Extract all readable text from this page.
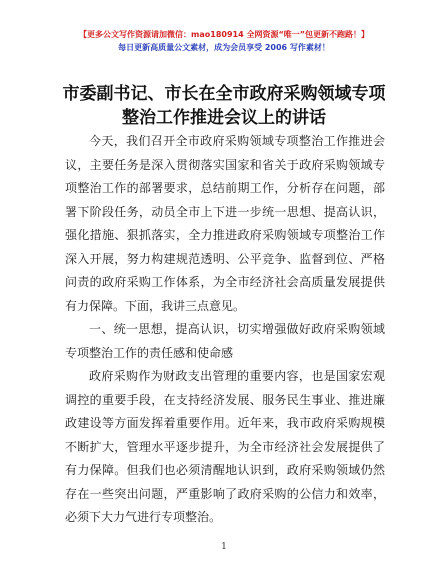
【更多公文写作资源请加微信：mao180914 全网资源“唯一”包更新不跑路！】
每日更新高质量公文素材，成为会员享受 2006 写作素材！
市委副书记、市长在全市政府采购领域专项整治工作推进会议上的讲话

今天，我们召开全市政府采购领域专项整治工作推进会议，主要任务是深入贯彻落实国家和省关于政府采购领域专项整治工作的部署要求，总结前期工作，分析存在问题，部署下阶段任务，动员全市上下进一步统一思想、提高认识，强化措施、狠抓落实，全力推进政府采购领域专项整治工作深入开展，努力构建规范透明、公平竞争、监督到位、严格问责的政府采购工作体系，为全市经济社会高质量发展提供有力保障。下面，我讲三点意见。

一、统一思想，提高认识，切实增强做好政府采购领域专项整治工作的责任感和使命感

政府采购作为财政支出管理的重要内容，也是国家宏观调控的重要手段，在支持经济发展、服务民生事业、推进廉政建设等方面发挥着重要作用。近年来，我市政府采购规模不断扩大，管理水平逐步提升，为全市经济社会发展提供了有力保障。但我们也必须清醒地认识到，政府采购领域仍然存在一些突出问题，严重影响了政府采购的公信力和效率，必须下大力气进行专项整治。

1
